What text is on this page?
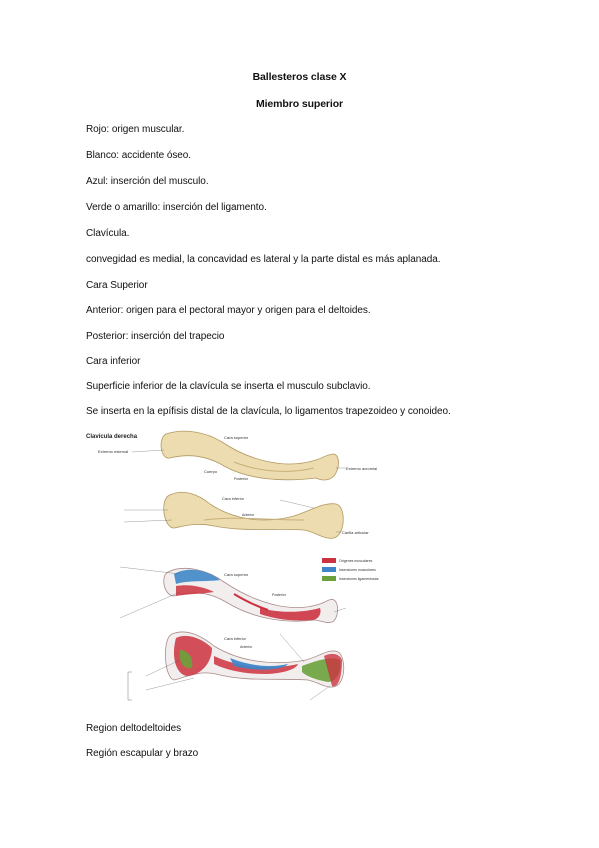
Ballesteros clase X
Miembro superior
Rojo: origen muscular.
Blanco: accidente óseo.
Azul: inserción del musculo.
Verde o amarillo: inserción del ligamento.
Clavícula.
convegidad es medial, la concavidad es lateral y la parte distal es más aplanada.
Cara Superior
Anterior: origen para el pectoral mayor y origen para el deltoides.
Posterior: inserción del trapecio
Cara inferior
Superficie inferior de la clavícula se inserta el musculo subclavio.
Se inserta en la epífisis distal de la clavícula, lo ligamentos trapezoideo y conoideo.
Clavícula derecha	Cara superior
Extremo esternal
Cuerpo
Extremo acromial
Posterior
Cara inferior
Anterior
Carilla articular
Orígenes musculares
Inserciones musculares
Inserciones ligamentosas
Cara superior
Posterior
Cara inferior
Anterior
Region deltodeltoides
Región escapular y brazo
